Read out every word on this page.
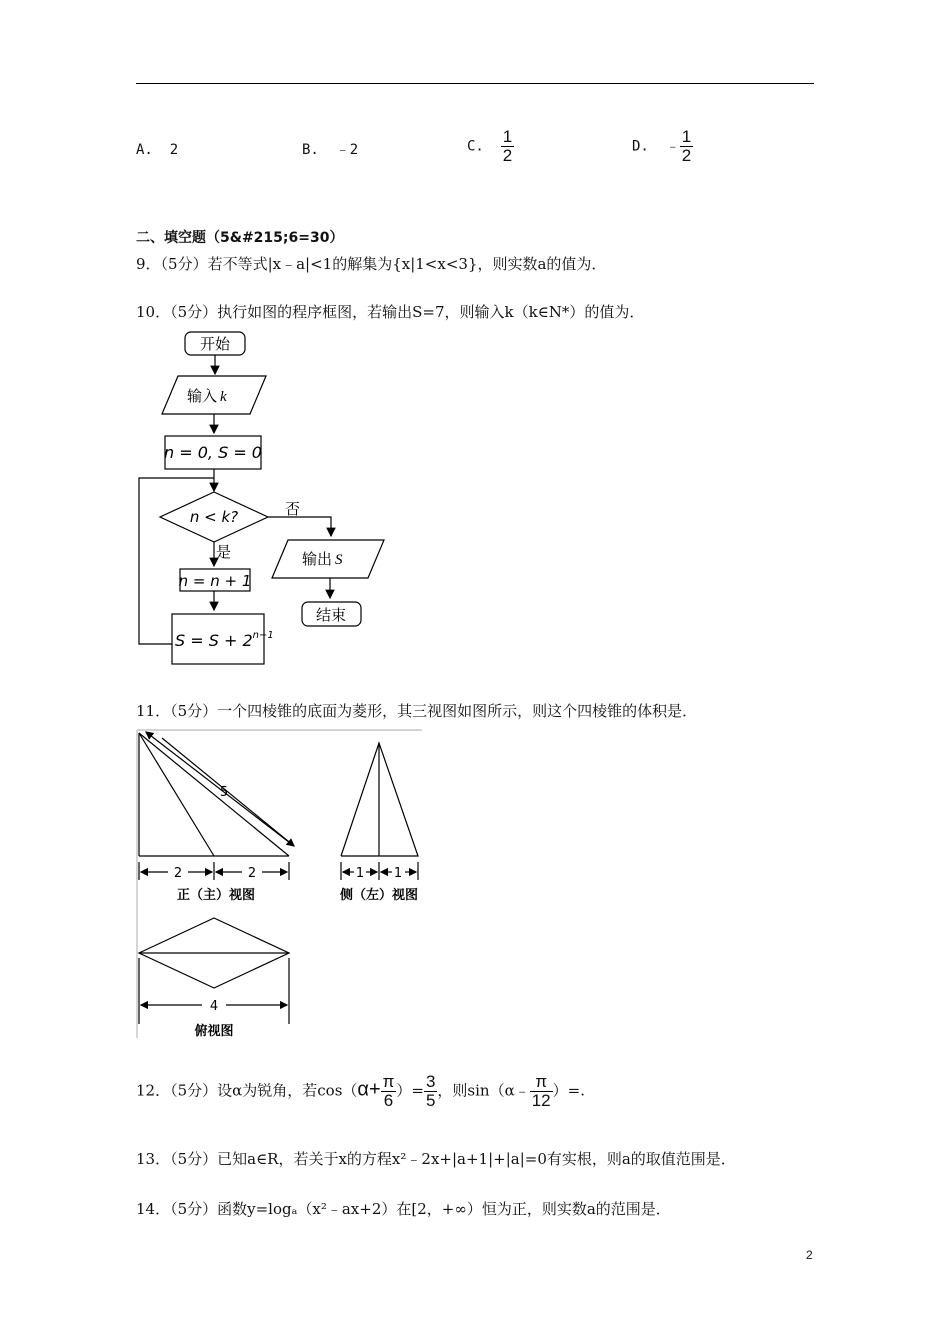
A. 2	B. ﹣2	C. $\frac{1}{2}$	D. ﹣ $\frac{1}{2}$
二、填空题（5&#215;6=30）
9．（5分）若不等式|x﹣a|<1的解集为{x|1<x<3}，则实数a的值为．
10．（5分）执行如图的程序框图，若输出S=7，则输入k（k∈N*）的值为．
开始
输入 k
n = 0, S = 0
n < k?	否
是
n = n + 1
$S = S + 2^{n-1}$
输出 S
结束
11．（5分）一个四棱锥的底面为菱形，其三视图如图所示，则这个四棱锥的体积是．
5
2	2
正（主）视图
1 1
侧（左）视图
4
俯视图
12．（5分）设α为锐角，若$\cos(\alpha+ \frac{\pi}{6}$ ）= $\frac{3}{5}$ ，则sin（α﹣ $\frac{\pi}{12}$ ）=.
13．（5分）已知a∈R，若关于x的方程x²﹣2x+|a+1|+|a|=0有实根，则a的取值范围是．
14．（5分）函数y=logₐ（x²﹣ax+2）在[2，+∞）恒为正，则实数a的范围是．
2
